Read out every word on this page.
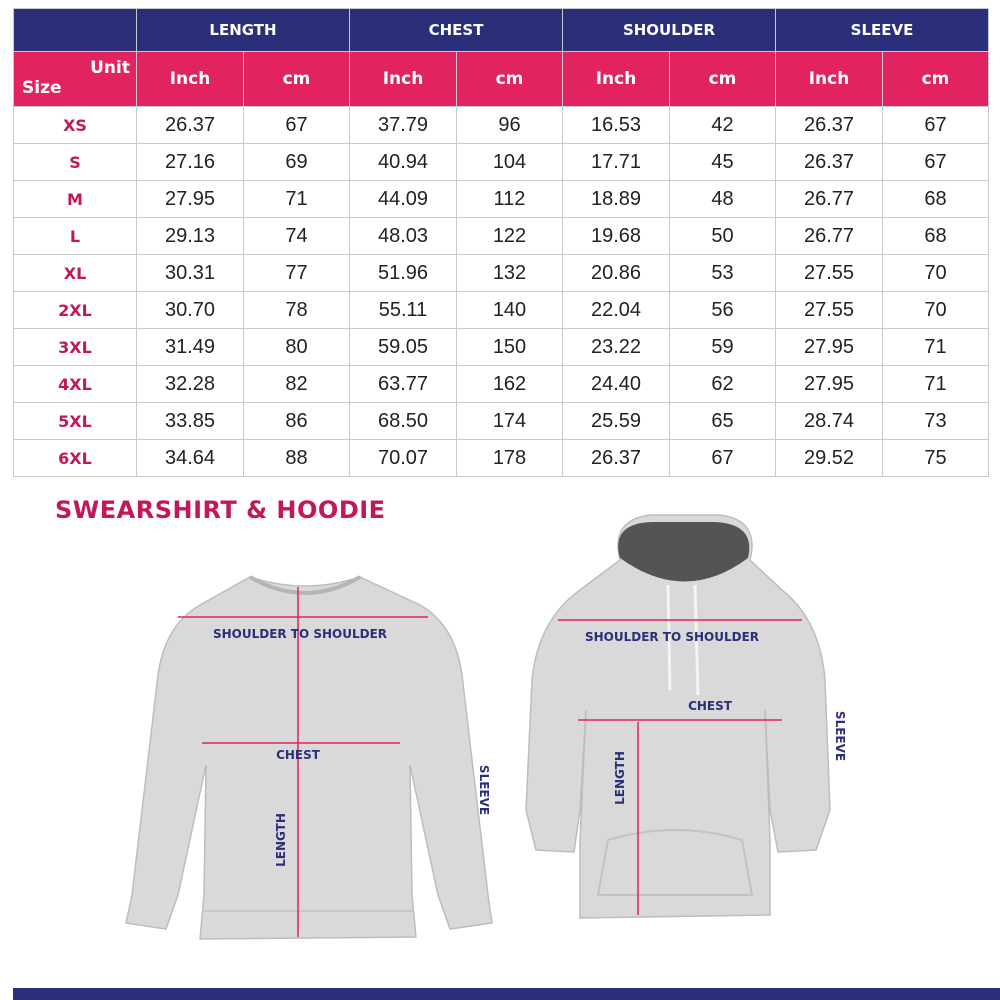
	LENGTH		CHEST		SHOULDER		SLEEVE	

Unit
Size	Inch	cm	Inch	cm	Inch	cm	Inch	cm
XS	26.37	67	37.79	96	16.53	42	26.37	67
S	27.16	69	40.94	104	17.71	45	26.37	67
M	27.95	71	44.09	112	18.89	48	26.77	68
L	29.13	74	48.03	122	19.68	50	26.77	68
XL	30.31	77	51.96	132	20.86	53	27.55	70
2XL	30.70	78	55.11	140	22.04	56	27.55	70
3XL	31.49	80	59.05	150	23.22	59	27.95	71
4XL	32.28	82	63.77	162	24.40	62	27.95	71
5XL	33.85	86	68.50	174	25.59	65	28.74	73
6XL	34.64	88	70.07	178	26.37	67	29.52	75
SWEARSHIRT & HOODIE
SHOULDER TO SHOULDER
CHEST
LENGTH
SLEEVE
SHOULDER TO SHOULDER
CHEST
LENGTH
SLEEVE
